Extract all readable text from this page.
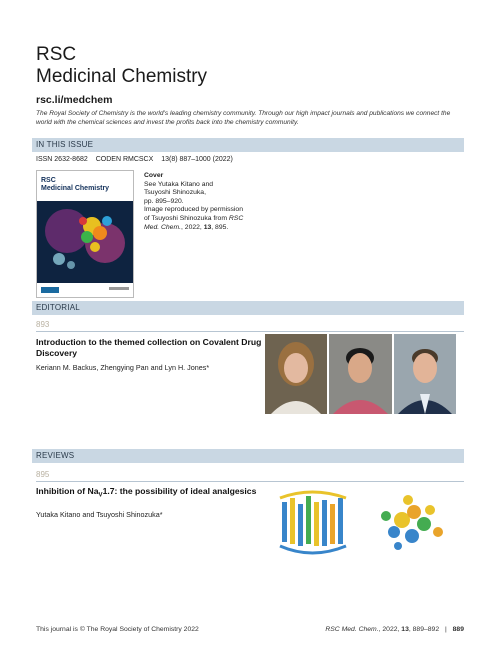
RSC
Medicinal Chemistry
rsc.li/medchem
The Royal Society of Chemistry is the world’s leading chemistry community. Through our high impact journals and publications we connect the world with the chemical sciences and invest the profits back into the chemistry community.
IN THIS ISSUE
ISSN 2632-8682 CODEN RMCSCX 13(8) 887–1000 (2022)
RSC
Medicinal Chemistry
Cover
See Yutaka Kitano and
Tsuyoshi Shinozuka,
pp. 895–920.
Image reproduced by permission
of Tsuyoshi Shinozuka from RSC
Med. Chem., 2022, 13, 895.
EDITORIAL
893
Introduction to the themed collection on Covalent Drug Discovery
Keriann M. Backus, Zhengying Pan and Lyn H. Jones*
REVIEWS
895
Inhibition of $Na_V1.7$: the possibility of ideal analgesics
Yutaka Kitano and Tsuyoshi Shinozuka*
This journal is © The Royal Society of Chemistry 2022	RSC Med. Chem., 2022, 13, 889–892 | 889
